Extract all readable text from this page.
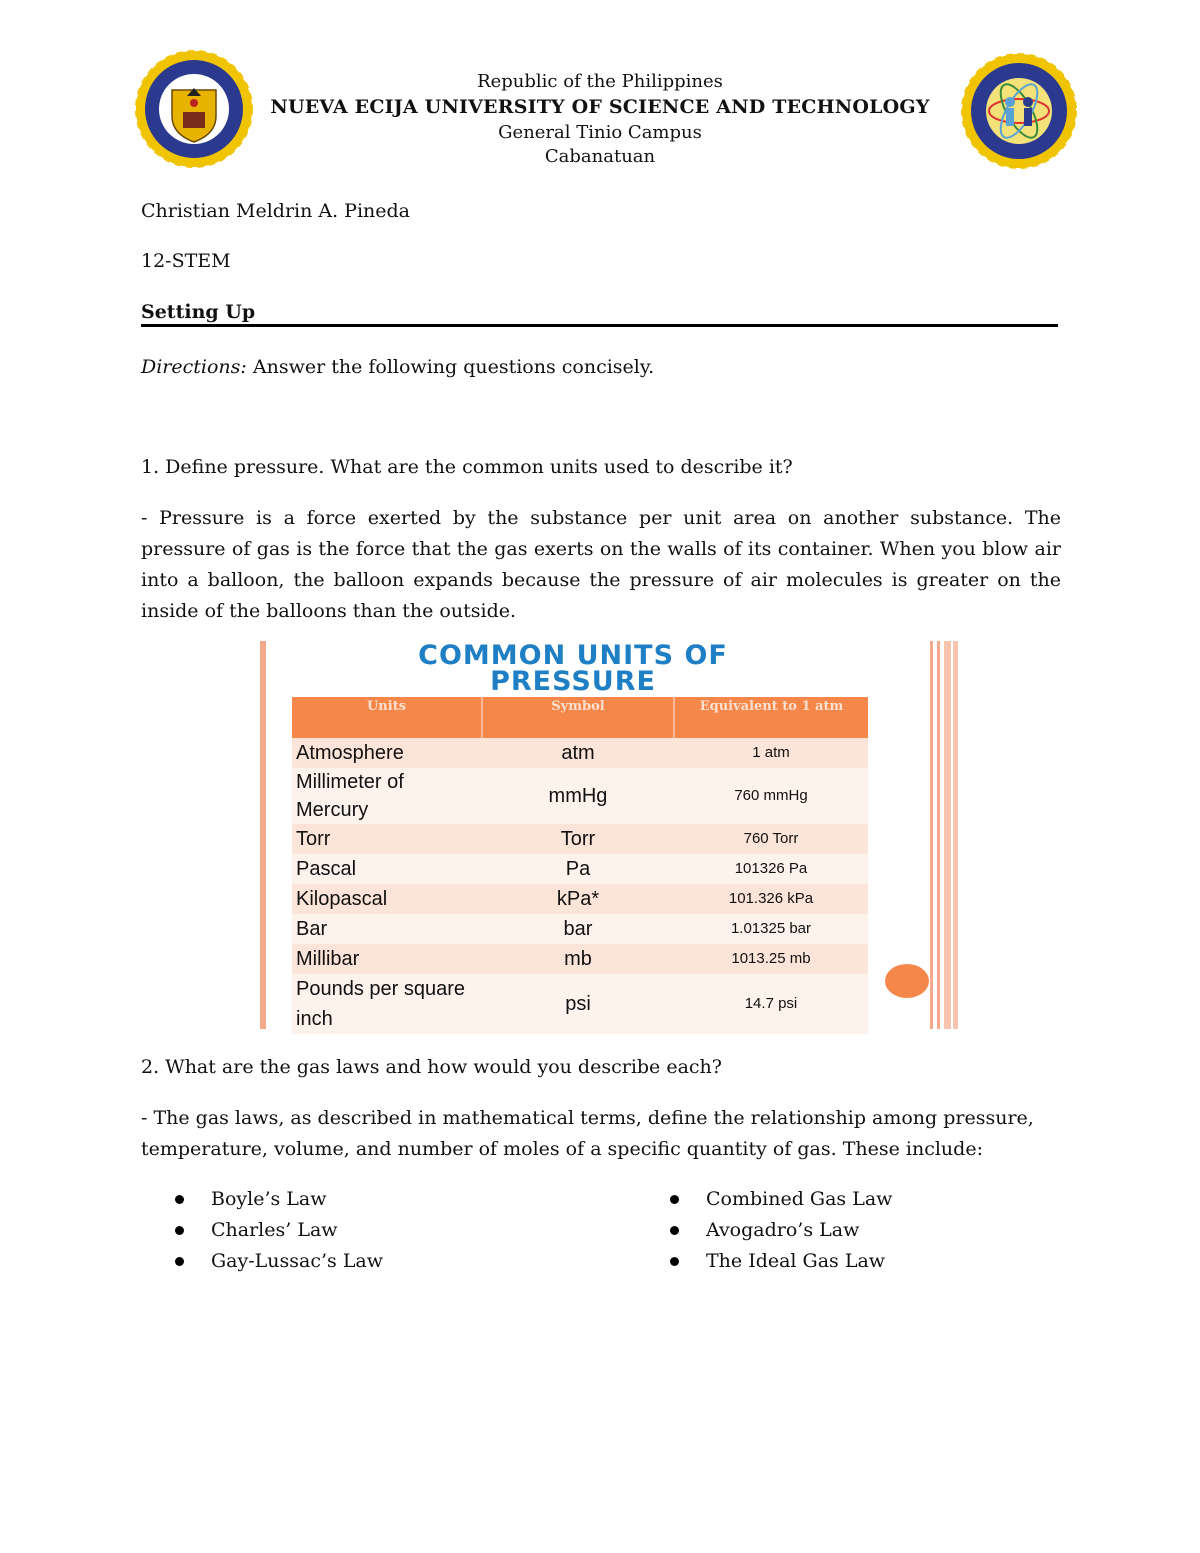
Republic of the Philippines
NUEVA ECIJA UNIVERSITY OF SCIENCE AND TECHNOLOGY
General Tinio Campus
Cabanatuan
Christian Meldrin A. Pineda
12-STEM
Setting Up
Directions: Answer the following questions concisely.
1. Define pressure. What are the common units used to describe it?
- Pressure is a force exerted by the substance per unit area on another substance. The pressure of gas is the force that the gas exerts on the walls of its container. When you blow air into a balloon, the balloon expands because the pressure of air molecules is greater on the inside of the balloons than the outside.
COMMON UNITS OF
PRESSURE
Units	Symbol	Equivalent to 1 atm
Atmosphere	atm	1 atm
Millimeter of Mercury	mmHg	760 mmHg
Torr	Torr	760 Torr
Pascal	Pa	101326 Pa
Kilopascal	kPa*	101.326 kPa
Bar	bar	1.01325 bar
Millibar	mb	1013.25 mb
Pounds per square inch	psi	14.7 psi
2. What are the gas laws and how would you describe each?
- The gas laws, as described in mathematical terms, define the relationship among pressure, temperature, volume, and number of moles of a specific quantity of gas. These include:
Boyle’s Law
Charles’ Law
Gay-Lussac’s Law
Combined Gas Law
Avogadro’s Law
The Ideal Gas Law
